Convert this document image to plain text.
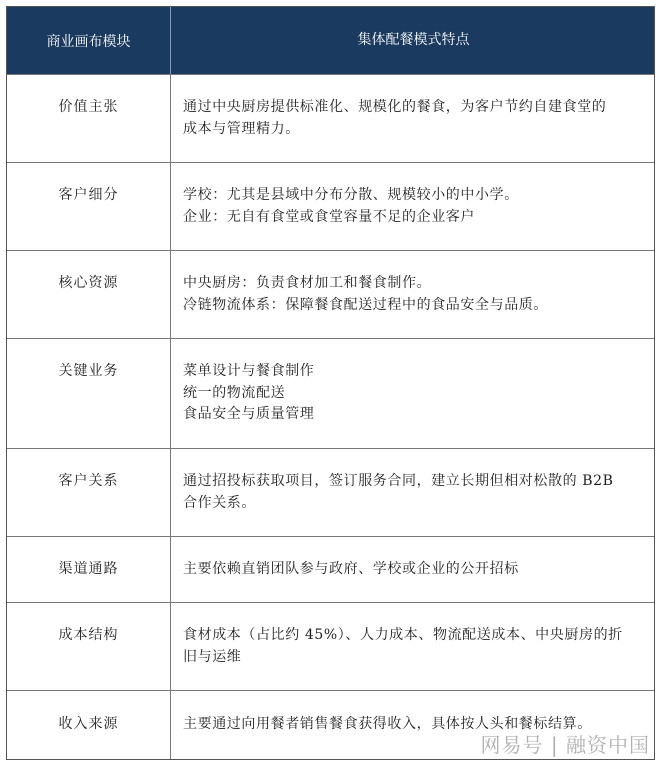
商业画布模块	集体配餐模式特点
价值主张	通过中央厨房提供标准化、规模化的餐食，为客户节约自建食堂的
成本与管理精力。
客户细分	学校：尤其是县域中分布分散、规模较小的中小学。
企业：无自有食堂或食堂容量不足的企业客户
核心资源	中央厨房：负责食材加工和餐食制作。
冷链物流体系：保障餐食配送过程中的食品安全与品质。
关键业务	菜单设计与餐食制作
统一的物流配送
食品安全与质量管理
客户关系	通过招投标获取项目，签订服务合同，建立长期但相对松散的 B2B
合作关系。
渠道通路	主要依赖直销团队参与政府、学校或企业的公开招标
成本结构	食材成本（占比约 45%）、人力成本、物流配送成本、中央厨房的折
旧与运维
收入来源	主要通过向用餐者销售餐食获得收入，具体按人头和餐标结算。
网易号 | 融资中国
